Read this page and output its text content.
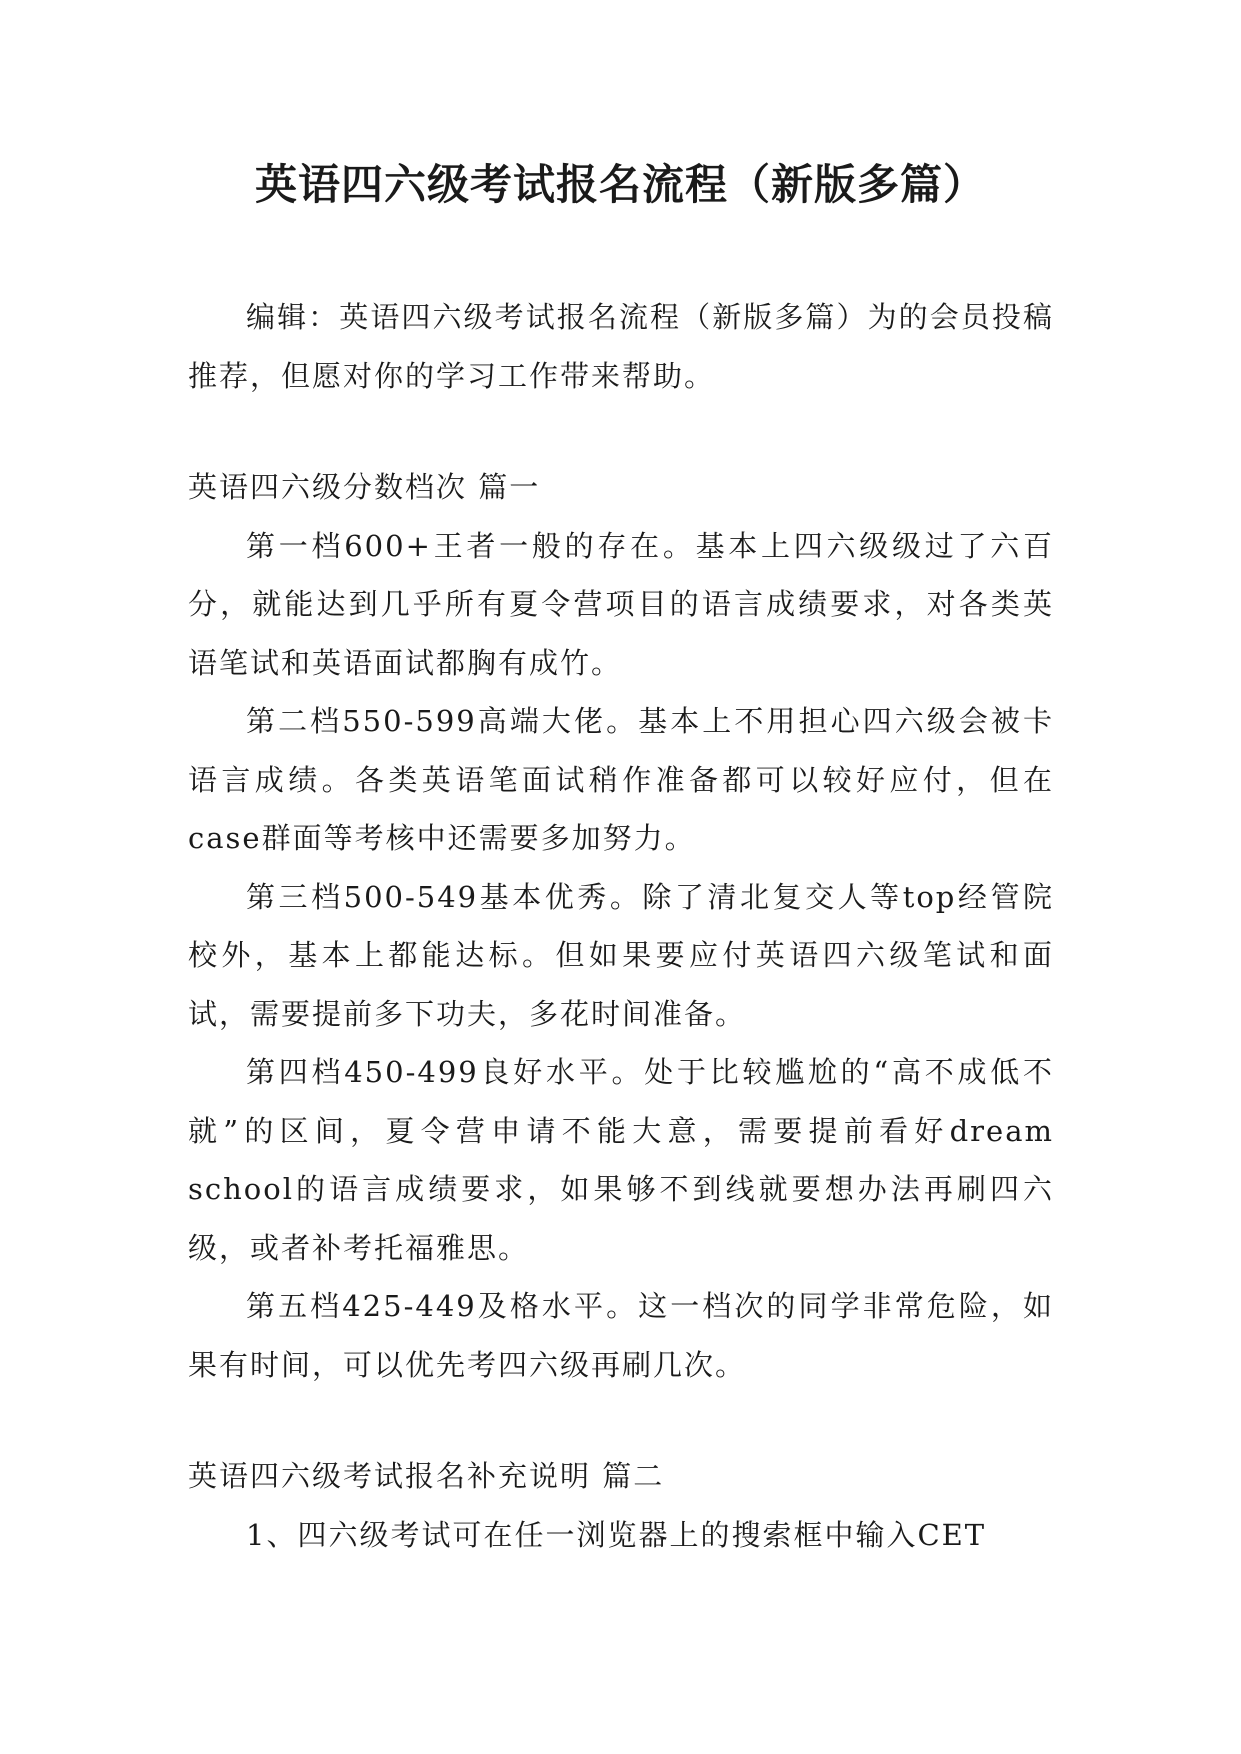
英语四六级考试报名流程（新版多篇）

编辑：英语四六级考试报名流程（新版多篇）为的会员投稿推荐，但愿对你的学习工作带来帮助。

英语四六级分数档次 篇一

第一档600+王者一般的存在。基本上四六级级过了六百分，就能达到几乎所有夏令营项目的语言成绩要求，对各类英语笔试和英语面试都胸有成竹。

第二档550-599高端大佬。基本上不用担心四六级会被卡语言成绩。各类英语笔面试稍作准备都可以较好应付，但在case群面等考核中还需要多加努力。

第三档500-549基本优秀。除了清北复交人等top经管院校外，基本上都能达标。但如果要应付英语四六级笔试和面试，需要提前多下功夫，多花时间准备。

第四档450-499良好水平。处于比较尴尬的“高不成低不就”的区间，夏令营申请不能大意，需要提前看好dream school的语言成绩要求，如果够不到线就要想办法再刷四六级，或者补考托福雅思。

第五档425-449及格水平。这一档次的同学非常危险，如果有时间，可以优先考四六级再刷几次。

英语四六级考试报名补充说明 篇二

1、四六级考试可在任一浏览器上的搜索框中输入CET
